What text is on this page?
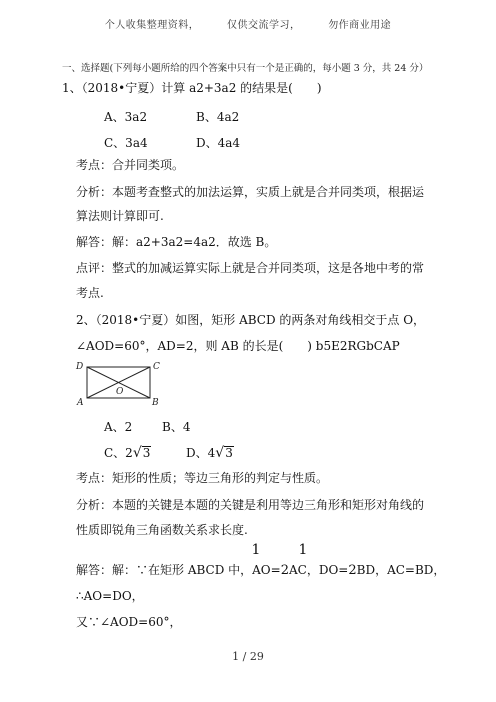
个人收集整理资料，	仅供交流学习，	勿作商业用途
一、选择题(下列每小题所给的四个答案中只有一个是正确的，每小题 3 分，共 24 分）
1、（2018•宁夏）计算 a2+3a2 的结果是(　　)
A、3a2	B、4a2
C、3a4	D、4a4
考点：合并同类项。
分析：本题考查整式的加法运算，实质上就是合并同类项，根据运
算法则计算即可.
解答：解：a2+3a2=4a2．故选 B。
点评：整式的加减运算实际上就是合并同类项，这是各地中考的常
考点.
2、（2018•宁夏）如图，矩形 ABCD 的两条对角线相交于点 O，
∠AOD=60°，AD=2，则 AB 的长是(　　) b5E2RGbCAP
D	C
A	B
O
A、2 B、4
C、2√3	D、4√3
考点：矩形的性质；等边三角形的判定与性质。
分析：本题的关键是本题的关键是利用等边三角形和矩形对角线的
性质即锐角三角函数关系求长度.
1	1
解答：解：∵在矩形 ABCD 中，AO=2AC，DO=2BD，AC=BD，
∴AO=DO，
又∵∠AOD=60°，
1 / 29
